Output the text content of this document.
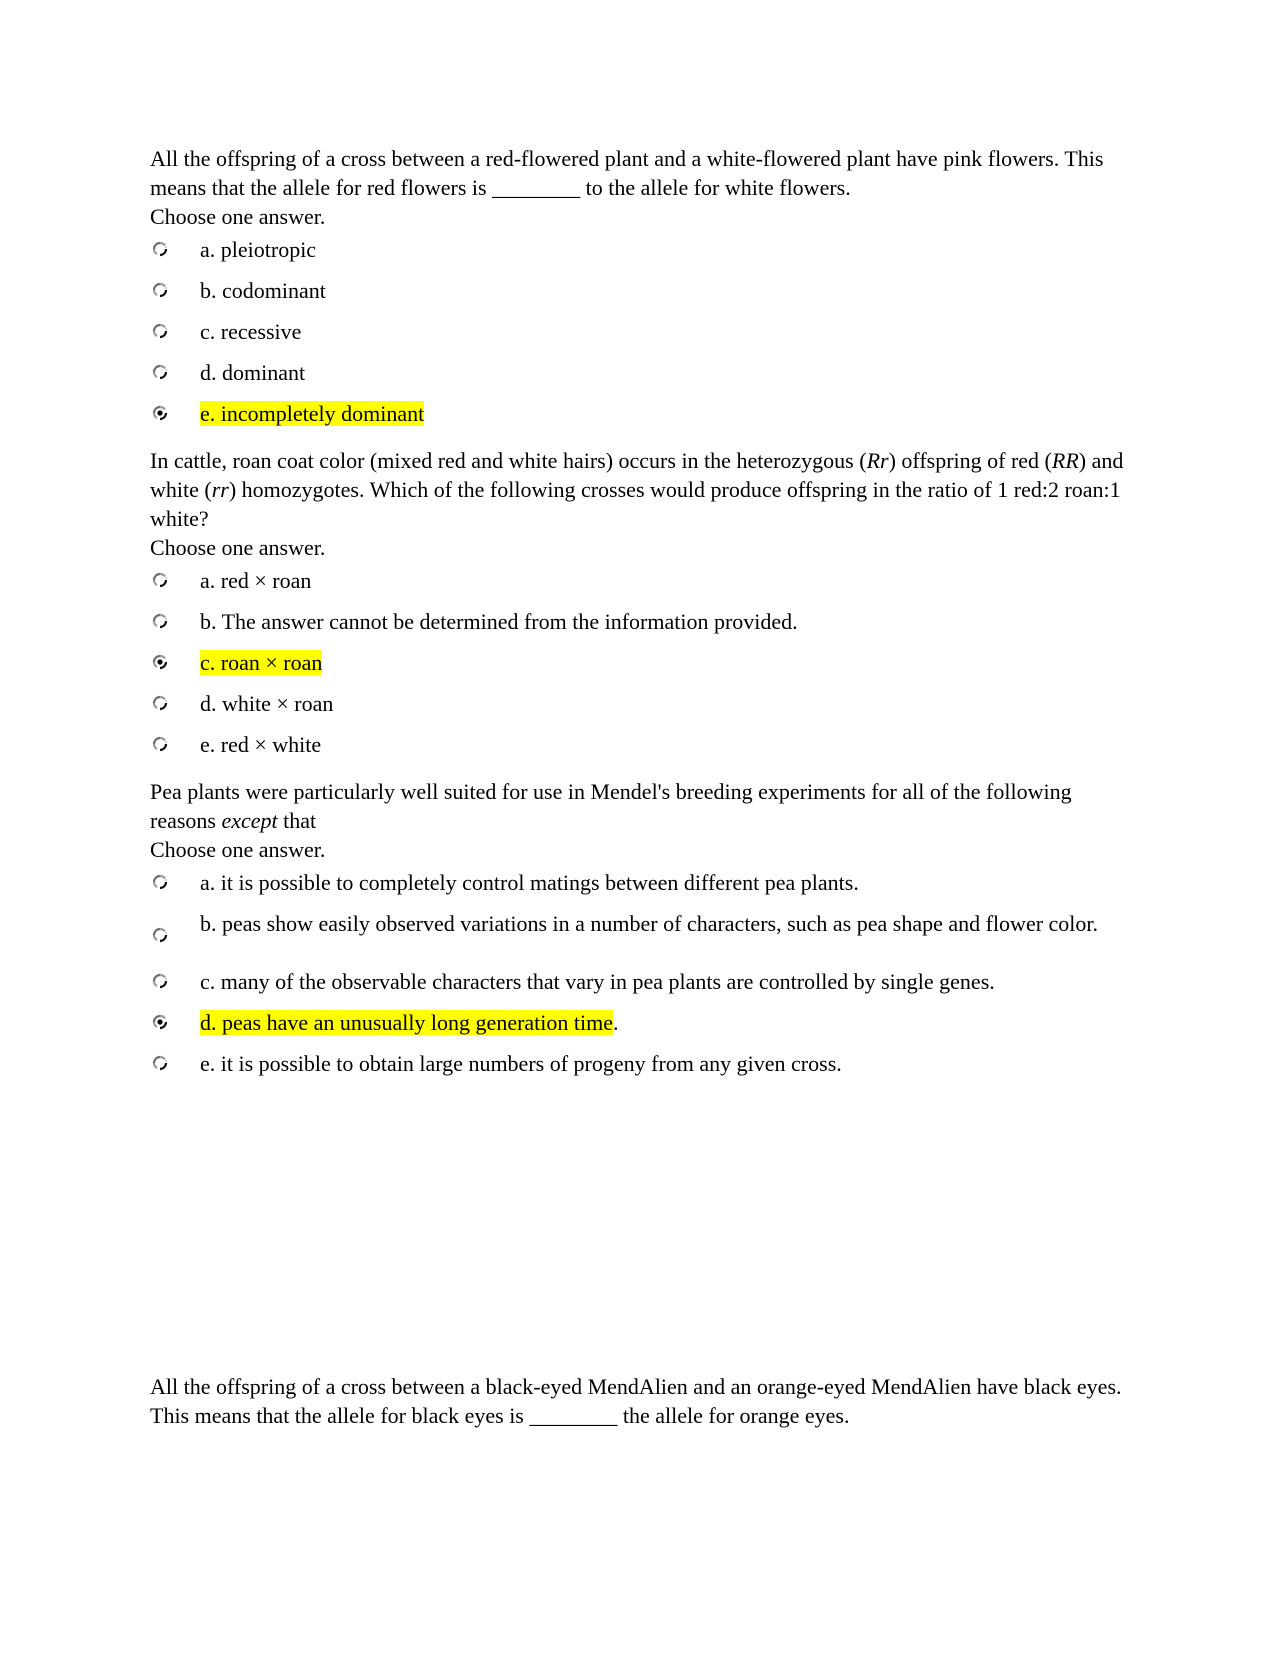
All the offspring of a cross between a red-flowered plant and a white-flowered plant have pink flowers. This means that the allele for red flowers is ________ to the allele for white flowers.

Choose one answer.

a. pleiotropic
b. codominant
c. recessive
d. dominant
e. incompletely dominant

In cattle, roan coat color (mixed red and white hairs) occurs in the heterozygous (Rr) offspring of red (RR) and white (rr) homozygotes. Which of the following crosses would produce offspring in the ratio of 1 red:2 roan:1 white?

Choose one answer.

a. red × roan
b. The answer cannot be determined from the information provided.
c. roan × roan
d. white × roan
e. red × white

Pea plants were particularly well suited for use in Mendel's breeding experiments for all of the following reasons except that

Choose one answer.

a. it is possible to completely control matings between different pea plants.
b. peas show easily observed variations in a number of characters, such as pea shape and flower color.
c. many of the observable characters that vary in pea plants are controlled by single genes.
d. peas have an unusually long generation time.
e. it is possible to obtain large numbers of progeny from any given cross.

All the offspring of a cross between a black-eyed MendAlien and an orange-eyed MendAlien have black eyes. This means that the allele for black eyes is ________ the allele for orange eyes.
